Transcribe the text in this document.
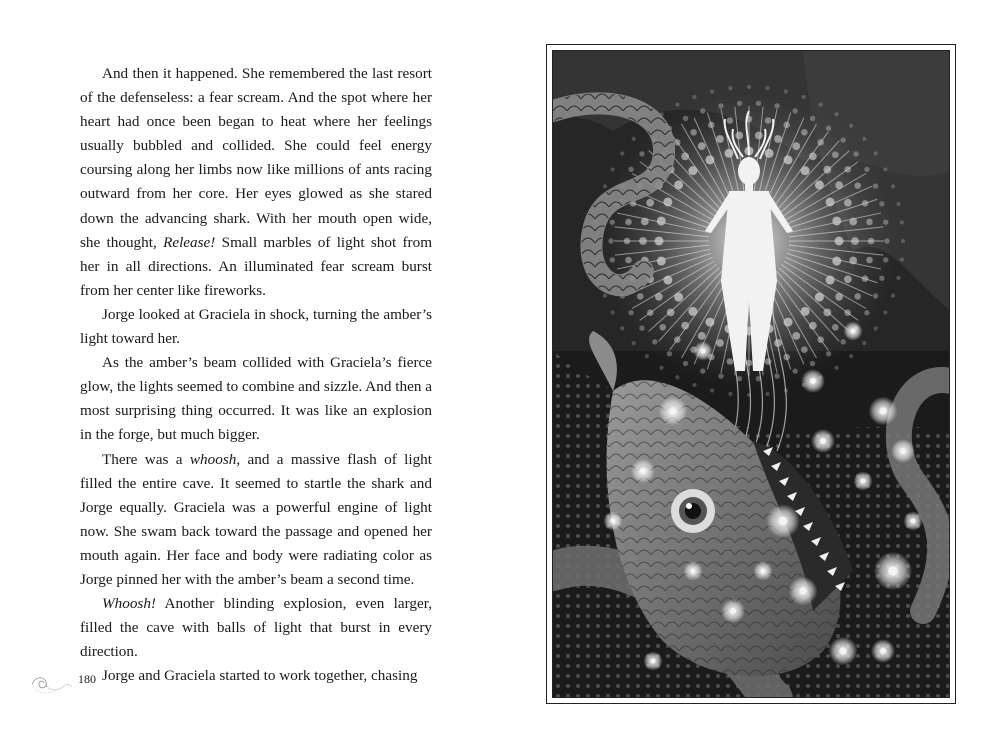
And then it happened. She remembered the last resort of the defenseless: a fear scream. And the spot where her heart had once been began to heat where her feelings usually bubbled and collided. She could feel energy coursing along her limbs now like millions of ants racing outward from her core. Her eyes glowed as she stared down the advancing shark. With her mouth open wide, she thought, Release! Small marbles of light shot from her in all directions. An illuminated fear scream burst from her center like fireworks.

Jorge looked at Graciela in shock, turning the amber’s light toward her.

As the amber’s beam collided with Graciela’s fierce glow, the lights seemed to combine and sizzle. And then a most surprising thing occurred. It was like an explosion in the forge, but much bigger.

There was a whoosh, and a massive flash of light filled the entire cave. It seemed to startle the shark and Jorge equally. Graciela was a powerful engine of light now. She swam back toward the passage and opened her mouth again. Her face and body were radiating color as Jorge pinned her with the amber’s beam a second time.

Whoosh! Another blinding explosion, even larger, filled the cave with balls of light that burst in every direction.

Jorge and Graciela started to work together, chasing

180
